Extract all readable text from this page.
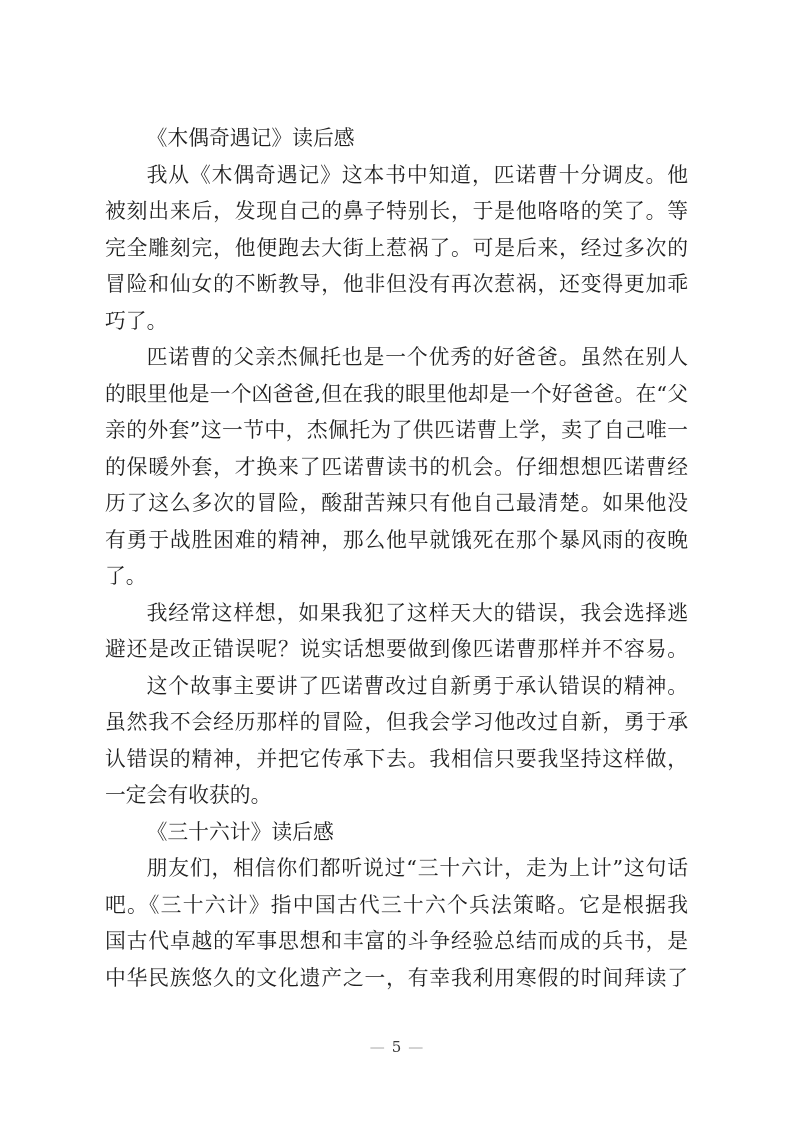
《木偶奇遇记》读后感
我从《木偶奇遇记》这本书中知道，匹诺曹十分调皮。他
被刻出来后，发现自己的鼻子特别长，于是他咯咯的笑了。等
完全雕刻完，他便跑去大街上惹祸了。可是后来，经过多次的
冒险和仙女的不断教导，他非但没有再次惹祸，还变得更加乖
巧了。
匹诺曹的父亲杰佩托也是一个优秀的好爸爸。虽然在别人
的眼里他是一个凶爸爸,但在我的眼里他却是一个好爸爸。在“父
亲的外套”这一节中，杰佩托为了供匹诺曹上学，卖了自己唯一
的保暖外套，才换来了匹诺曹读书的机会。仔细想想匹诺曹经
历了这么多次的冒险，酸甜苦辣只有他自己最清楚。如果他没
有勇于战胜困难的精神，那么他早就饿死在那个暴风雨的夜晚
了。
我经常这样想，如果我犯了这样天大的错误，我会选择逃
避还是改正错误呢？说实话想要做到像匹诺曹那样并不容易。
这个故事主要讲了匹诺曹改过自新勇于承认错误的精神。
虽然我不会经历那样的冒险，但我会学习他改过自新，勇于承
认错误的精神，并把它传承下去。我相信只要我坚持这样做，
一定会有收获的。
《三十六计》读后感
朋友们，相信你们都听说过“三十六计，走为上计”这句话
吧。《三十六计》指中国古代三十六个兵法策略。它是根据我
国古代卓越的军事思想和丰富的斗争经验总结而成的兵书，是
中华民族悠久的文化遗产之一，有幸我利用寒假的时间拜读了
— 5 —
